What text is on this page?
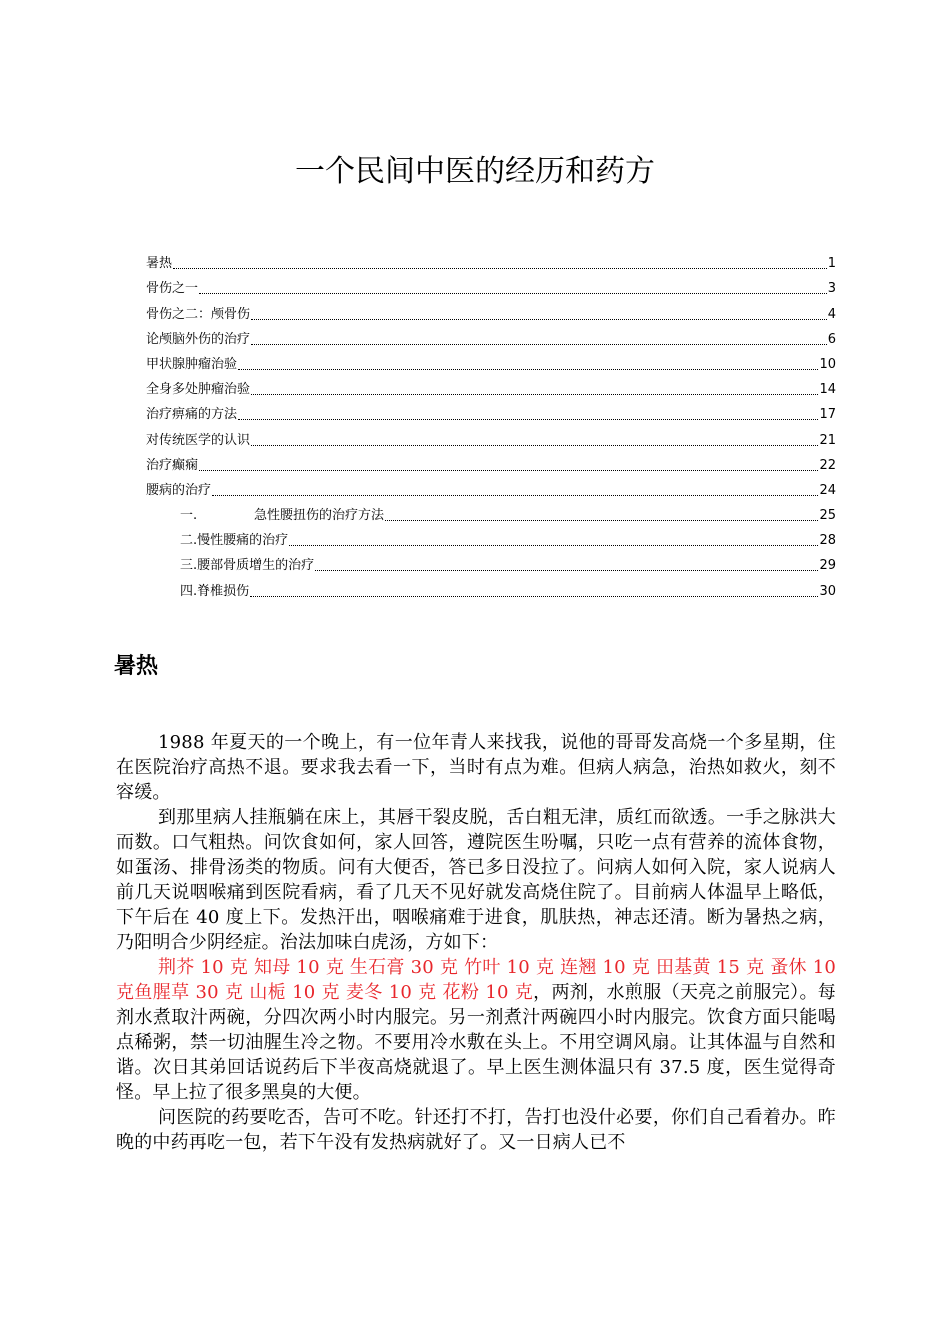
一个民间中医的经历和药方
暑热	1
骨伤之一	3
骨伤之二：颅骨伤	4
论颅脑外伤的治疗	6
甲状腺肿瘤治验	10
全身多处肿瘤治验	14
治疗痹痛的方法	17
对传统医学的认识	21
治疗癫痫	22
腰病的治疗	24
一.	急性腰扭伤的治疗方法	25
二.慢性腰痛的治疗	28
三.腰部骨质增生的治疗	29
四.脊椎损伤	30
暑热

1988 年夏天的一个晚上，有一位年青人来找我，说他的哥哥发高烧一个多星期，住在医院治疗高热不退。要求我去看一下，当时有点为难。但病人病急，治热如救火，刻不容缓。

到那里病人挂瓶躺在床上，其唇干裂皮脱，舌白粗无津，质红而欲透。一手之脉洪大而数。口气粗热。问饮食如何，家人回答，遵院医生吩嘱，只吃一点有营养的流体食物，如蛋汤、排骨汤类的物质。问有大便否，答已多日没拉了。问病人如何入院，家人说病人前几天说咽喉痛到医院看病，看了几天不见好就发高烧住院了。目前病人体温早上略低，下午后在 40 度上下。发热汗出，咽喉痛难于进食，肌肤热，神志还清。断为暑热之病，乃阳明合少阴经症。治法加味白虎汤，方如下：

荆芥 10 克 知母 10 克 生石膏 30 克 竹叶 10 克 连翘 10 克 田基黄 15 克 蚤休 10 克鱼腥草 30 克 山栀 10 克 麦冬 10 克 花粉 10 克，两剂，水煎服（天亮之前服完）。每剂水煮取汁两碗，分四次两小时内服完。另一剂煮汁两碗四小时内服完。饮食方面只能喝点稀粥，禁一切油腥生冷之物。不要用冷水敷在头上。不用空调风扇。让其体温与自然和谐。次日其弟回话说药后下半夜高烧就退了。早上医生测体温只有 37.5 度，医生觉得奇怪。早上拉了很多黑臭的大便。

问医院的药要吃否，告可不吃。针还打不打，告打也没什必要，你们自己看着办。昨晚的中药再吃一包，若下午没有发热病就好了。又一日病人已不
